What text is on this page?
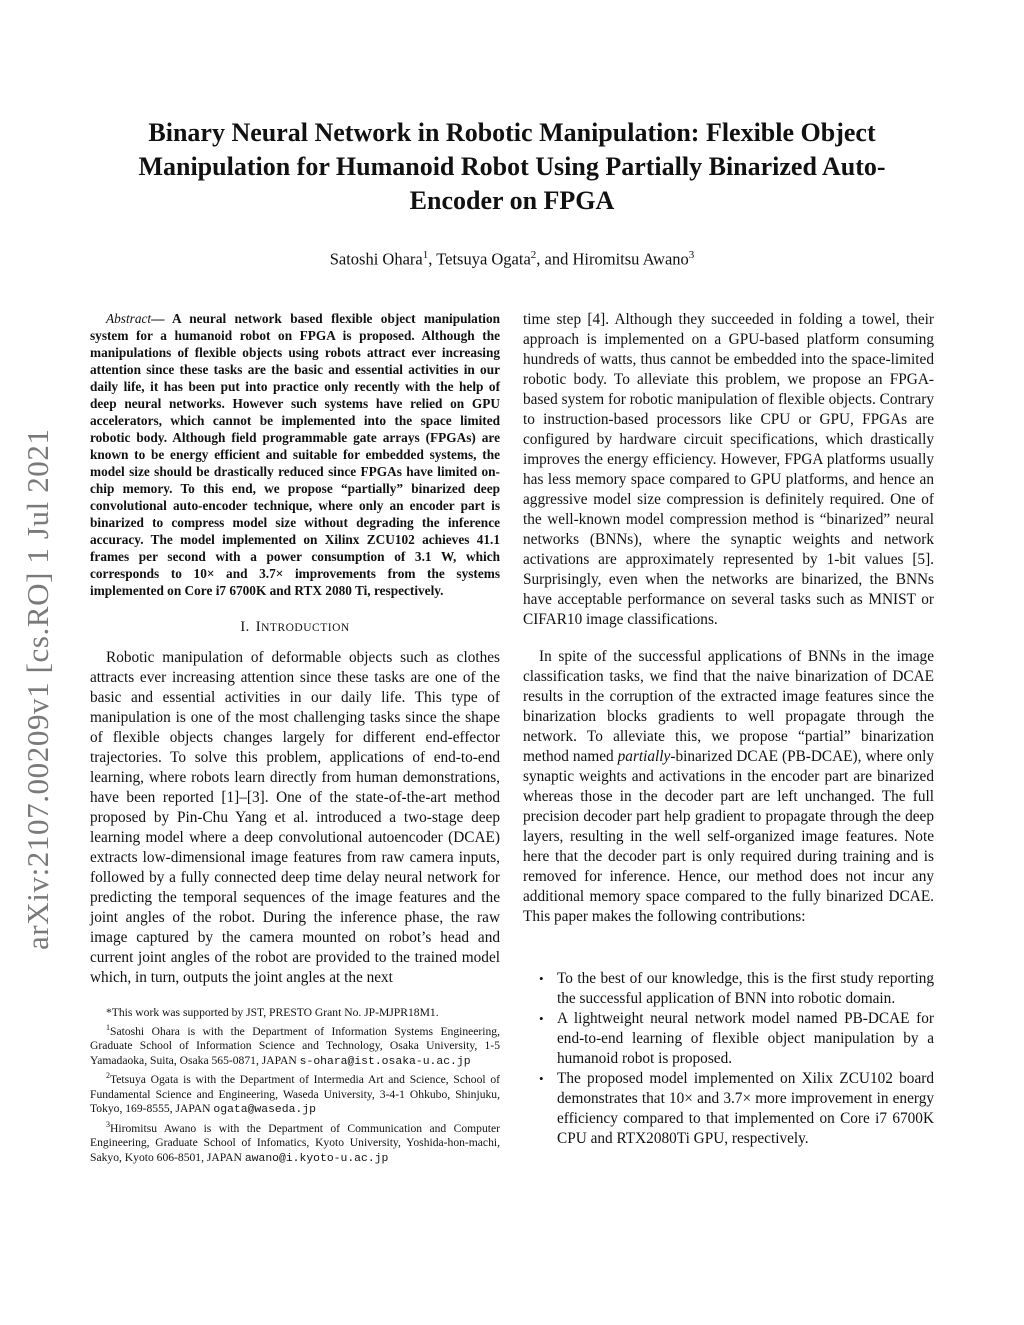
arXiv:2107.00209v1 [cs.RO] 1 Jul 2021
Binary Neural Network in Robotic Manipulation: Flexible Object Manipulation for Humanoid Robot Using Partially Binarized Auto-Encoder on FPGA
Satoshi Ohara$^1$, Tetsuya Ogata$^2$, and Hiromitsu Awano$^3$

Abstract— A neural network based flexible object manipulation system for a humanoid robot on FPGA is proposed. Although the manipulations of flexible objects using robots attract ever increasing attention since these tasks are the basic and essential activities in our daily life, it has been put into practice only recently with the help of deep neural networks. However such systems have relied on GPU accelerators, which cannot be implemented into the space limited robotic body. Although field programmable gate arrays (FPGAs) are known to be energy efficient and suitable for embedded systems, the model size should be drastically reduced since FPGAs have limited on-chip memory. To this end, we propose “partially” binarized deep convolutional auto-encoder technique, where only an encoder part is binarized to compress model size without degrading the inference accuracy. The model implemented on Xilinx ZCU102 achieves 41.1 frames per second with a power consumption of 3.1 W, which corresponds to 10× and 3.7× improvements from the systems implemented on Core i7 6700K and RTX 2080 Ti, respectively.

I. INTRODUCTION

Robotic manipulation of deformable objects such as clothes attracts ever increasing attention since these tasks are one of the basic and essential activities in our daily life. This type of manipulation is one of the most challenging tasks since the shape of flexible objects changes largely for different end-effector trajectories. To solve this problem, applications of end-to-end learning, where robots learn directly from human demonstrations, have been reported [1]–[3]. One of the state-of-the-art method proposed by Pin-Chu Yang et al. introduced a two-stage deep learning model where a deep convolutional autoencoder (DCAE) extracts low-dimensional image features from raw camera inputs, followed by a fully connected deep time delay neural network for predicting the temporal sequences of the image features and the joint angles of the robot. During the inference phase, the raw image captured by the camera mounted on robot’s head and current joint angles of the robot are provided to the trained model which, in turn, outputs the joint angles at the next

*This work was supported by JST, PRESTO Grant No. JP-MJPR18M1.

$^1$Satoshi Ohara is with the Department of Information Systems Engineering, Graduate School of Information Science and Technology, Osaka University, 1-5 Yamadaoka, Suita, Osaka 565-0871, JAPAN s-ohara@ist.osaka-u.ac.jp

$^2$Tetsuya Ogata is with the Department of Intermedia Art and Science, School of Fundamental Science and Engineering, Waseda University, 3-4-1 Ohkubo, Shinjuku, Tokyo, 169-8555, JAPAN ogata@waseda.jp

$^3$Hiromitsu Awano is with the Department of Communication and Computer Engineering, Graduate School of Infomatics, Kyoto University, Yoshida-hon-machi, Sakyo, Kyoto 606-8501, JAPAN awano@i.kyoto-u.ac.jp

time step [4]. Although they succeeded in folding a towel, their approach is implemented on a GPU-based platform consuming hundreds of watts, thus cannot be embedded into the space-limited robotic body. To alleviate this problem, we propose an FPGA-based system for robotic manipulation of flexible objects. Contrary to instruction-based processors like CPU or GPU, FPGAs are configured by hardware circuit specifications, which drastically improves the energy efficiency. However, FPGA platforms usually has less memory space compared to GPU platforms, and hence an aggressive model size compression is definitely required. One of the well-known model compression method is “binarized” neural networks (BNNs), where the synaptic weights and network activations are approximately represented by 1-bit values [5]. Surprisingly, even when the networks are binarized, the BNNs have acceptable performance on several tasks such as MNIST or CIFAR10 image classifications.

In spite of the successful applications of BNNs in the image classification tasks, we find that the naive binarization of DCAE results in the corruption of the extracted image features since the binarization blocks gradients to well propagate through the network. To alleviate this, we propose “partial” binarization method named partially-binarized DCAE (PB-DCAE), where only synaptic weights and activations in the encoder part are binarized whereas those in the decoder part are left unchanged. The full precision decoder part help gradient to propagate through the deep layers, resulting in the well self-organized image features. Note here that the decoder part is only required during training and is removed for inference. Hence, our method does not incur any additional memory space compared to the fully binarized DCAE. This paper makes the following contributions:

• To the best of our knowledge, this is the first study reporting the successful application of BNN into robotic domain.
• A lightweight neural network model named PB-DCAE for end-to-end learning of flexible object manipulation by a humanoid robot is proposed.
• The proposed model implemented on Xilix ZCU102 board demonstrates that 10× and 3.7× more improvement in energy efficiency compared to that implemented on Core i7 6700K CPU and RTX2080Ti GPU, respectively.
